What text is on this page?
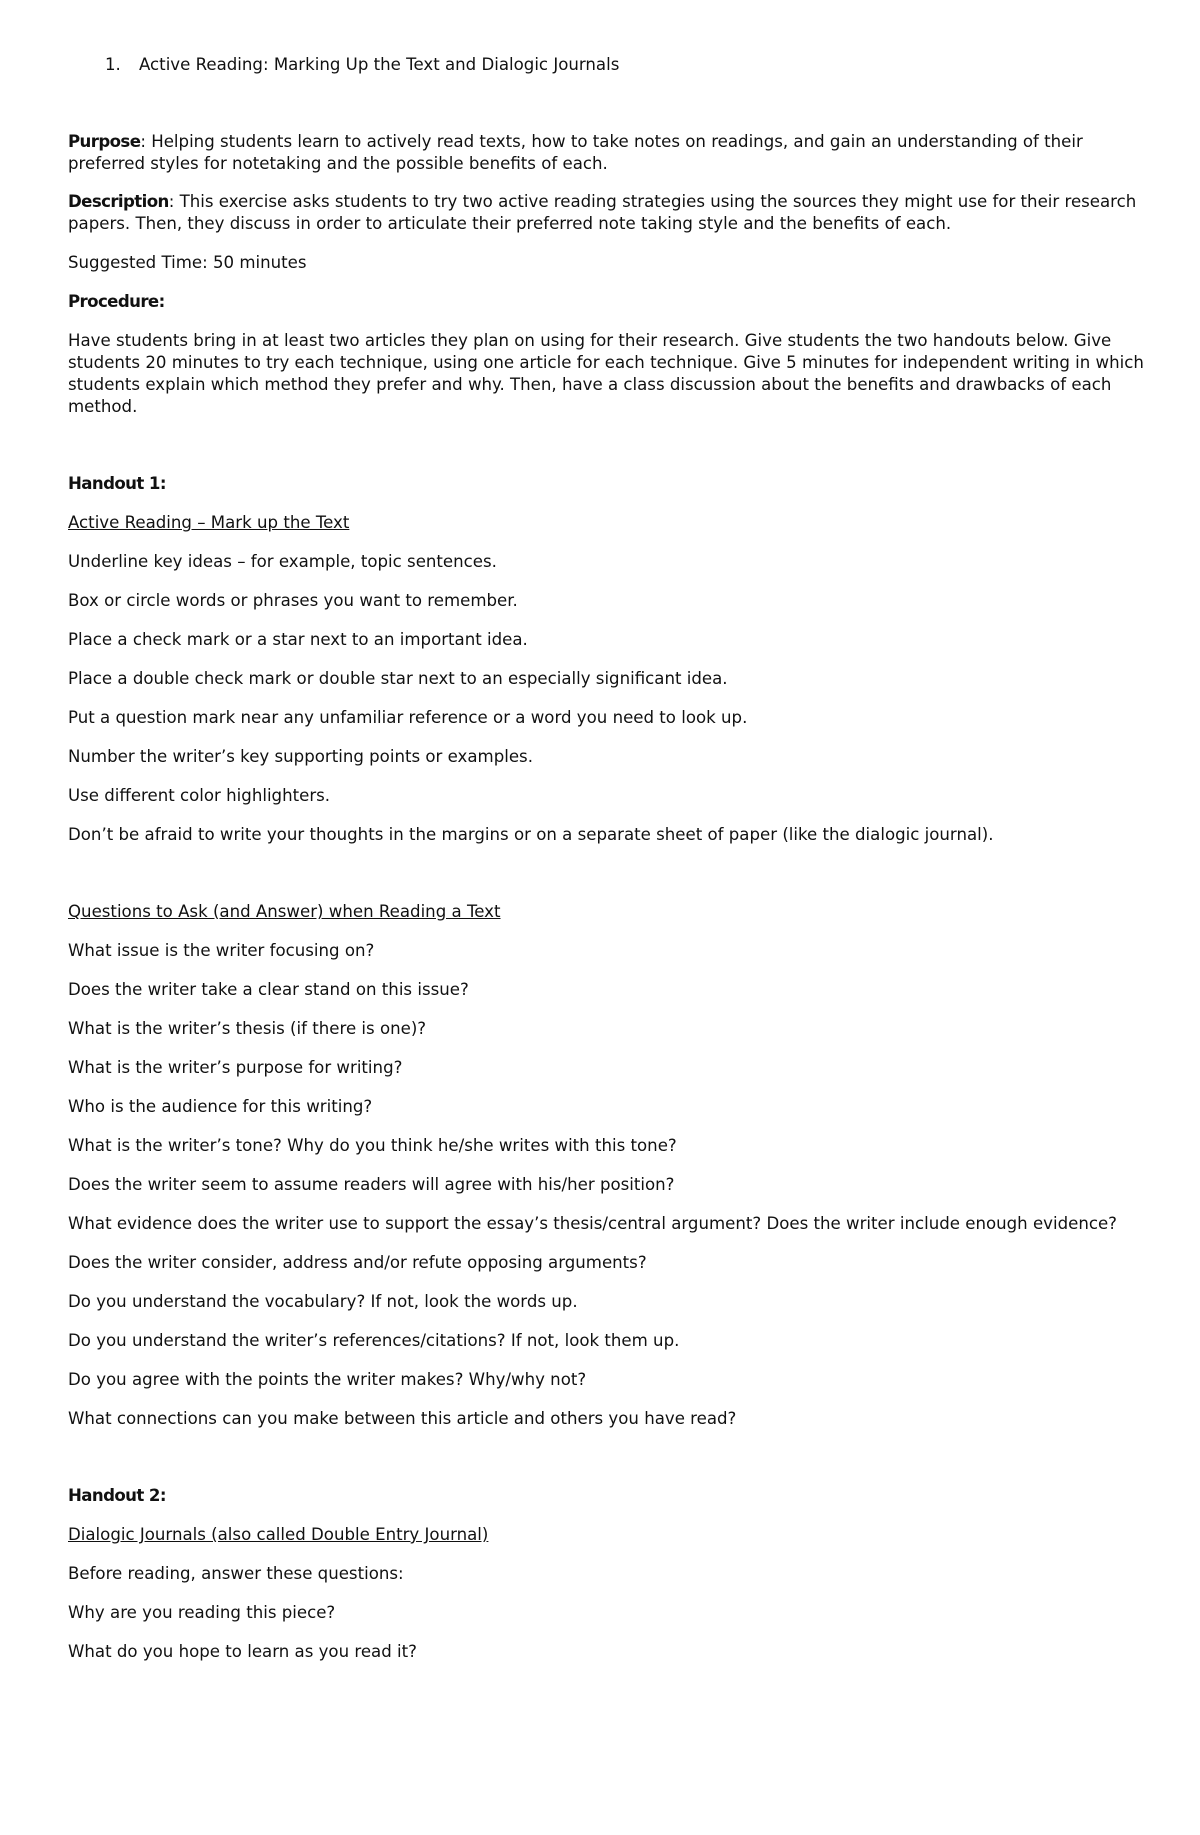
1.	Active Reading: Marking Up the Text and Dialogic Journals

Purpose: Helping students learn to actively read texts, how to take notes on readings, and gain an understanding of their preferred styles for notetaking and the possible benefits of each.

Description: This exercise asks students to try two active reading strategies using the sources they might use for their research papers. Then, they discuss in order to articulate their preferred note taking style and the benefits of each.

Suggested Time: 50 minutes

Procedure:

Have students bring in at least two articles they plan on using for their research. Give students the two handouts below. Give students 20 minutes to try each technique, using one article for each technique. Give 5 minutes for independent writing in which students explain which method they prefer and why. Then, have a class discussion about the benefits and drawbacks of each method.

Handout 1:

Active Reading – Mark up the Text

Underline key ideas – for example, topic sentences.

Box or circle words or phrases you want to remember.

Place a check mark or a star next to an important idea.

Place a double check mark or double star next to an especially significant idea.

Put a question mark near any unfamiliar reference or a word you need to look up.

Number the writer’s key supporting points or examples.

Use different color highlighters.

Don’t be afraid to write your thoughts in the margins or on a separate sheet of paper (like the dialogic journal).

Questions to Ask (and Answer) when Reading a Text

What issue is the writer focusing on?

Does the writer take a clear stand on this issue?

What is the writer’s thesis (if there is one)?

What is the writer’s purpose for writing?

Who is the audience for this writing?

What is the writer’s tone? Why do you think he/she writes with this tone?

Does the writer seem to assume readers will agree with his/her position?

What evidence does the writer use to support the essay’s thesis/central argument? Does the writer include enough evidence?

Does the writer consider, address and/or refute opposing arguments?

Do you understand the vocabulary? If not, look the words up.

Do you understand the writer’s references/citations? If not, look them up.

Do you agree with the points the writer makes? Why/why not?

What connections can you make between this article and others you have read?

Handout 2:

Dialogic Journals (also called Double Entry Journal)

Before reading, answer these questions:

Why are you reading this piece?

What do you hope to learn as you read it?
